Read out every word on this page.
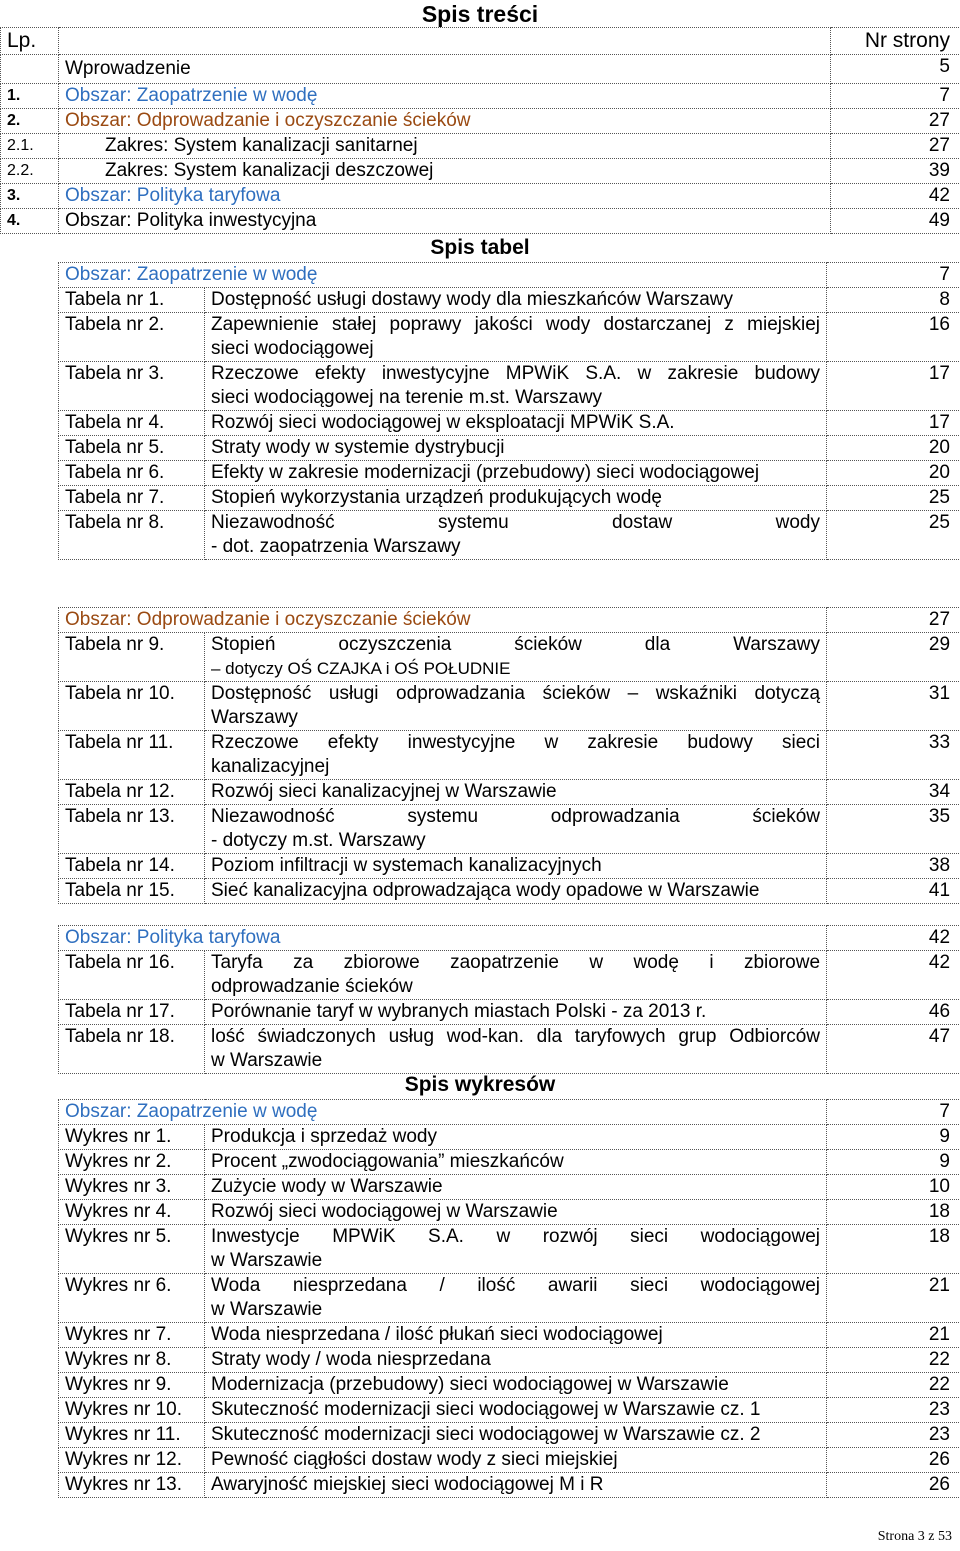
Spis treści
Lp.		Nr strony
	Wprowadzenie	5
1.	Obszar: Zaopatrzenie w wodę	7
2.	Obszar: Odprowadzanie i oczyszczanie ścieków	27
2.1.	Zakres: System kanalizacji sanitarnej	27
2.2.	Zakres: System kanalizacji deszczowej	39
3.	Obszar: Polityka taryfowa	42
4.	Obszar: Polityka inwestycyjna	49
Spis tabel
Obszar: Zaopatrzenie w wodę		7
Tabela nr 1.	Dostępność usługi dostawy wody dla mieszkańców Warszawy	8
Tabela nr 2.	Zapewnienie stałej poprawy jakości wody dostarczanej z miejskiej
sieci wodociągowej	16
Tabela nr 3.	Rzeczowe efekty inwestycyjne MPWiK S.A. w zakresie budowy
sieci wodociągowej na terenie m.st. Warszawy	17
Tabela nr 4.	Rozwój sieci wodociągowej w eksploatacji MPWiK S.A.	17
Tabela nr 5.	Straty wody w systemie dystrybucji	20
Tabela nr 6.	Efekty w zakresie modernizacji (przebudowy) sieci wodociągowej	20
Tabela nr 7.	Stopień wykorzystania urządzeń produkujących wodę	25
Tabela nr 8.	Niezawodność systemu dostaw wody
- dot. zaopatrzenia Warszawy	25
Obszar: Odprowadzanie i oczyszczanie ścieków		27
Tabela nr 9.	Stopień oczyszczenia ścieków dla Warszawy
– dotyczy OŚ CZAJKA i OŚ POŁUDNIE	29
Tabela nr 10.	Dostępność usługi odprowadzania ścieków – wskaźniki dotyczą
Warszawy	31
Tabela nr 11.	Rzeczowe efekty inwestycyjne w zakresie budowy sieci
kanalizacyjnej	33
Tabela nr 12.	Rozwój sieci kanalizacyjnej w Warszawie	34
Tabela nr 13.	Niezawodność systemu odprowadzania ścieków
- dotyczy m.st. Warszawy	35
Tabela nr 14.	Poziom infiltracji w systemach kanalizacyjnych	38
Tabela nr 15.	Sieć kanalizacyjna odprowadzająca wody opadowe w Warszawie	41
Obszar: Polityka taryfowa		42
Tabela nr 16.	Taryfa za zbiorowe zaopatrzenie w wodę i zbiorowe
odprowadzanie ścieków	42
Tabela nr 17.	Porównanie taryf w wybranych miastach Polski - za 2013 r.	46
Tabela nr 18.	lość świadczonych usług wod-kan. dla taryfowych grup Odbiorców
w Warszawie	47
Spis wykresów
Obszar: Zaopatrzenie w wodę		7
Wykres nr 1.	Produkcja i sprzedaż wody	9
Wykres nr 2.	Procent „zwodociągowania” mieszkańców	9
Wykres nr 3.	Zużycie wody w Warszawie	10
Wykres nr 4.	Rozwój sieci wodociągowej w Warszawie	18
Wykres nr 5.	Inwestycje MPWiK S.A. w rozwój sieci wodociągowej
w Warszawie	18
Wykres nr 6.	Woda niesprzedana / ilość awarii sieci wodociągowej
w Warszawie	21
Wykres nr 7.	Woda niesprzedana / ilość płukań sieci wodociągowej	21
Wykres nr 8.	Straty wody / woda niesprzedana	22
Wykres nr 9.	Modernizacja (przebudowy) sieci wodociągowej w Warszawie	22
Wykres nr 10.	Skuteczność modernizacji sieci wodociągowej w Warszawie cz. 1	23
Wykres nr 11.	Skuteczność modernizacji sieci wodociągowej w Warszawie cz. 2	23
Wykres nr 12.	Pewność ciągłości dostaw wody z sieci miejskiej	26
Wykres nr 13.	Awaryjność miejskiej sieci wodociągowej M i R	26
Strona 3 z 53
